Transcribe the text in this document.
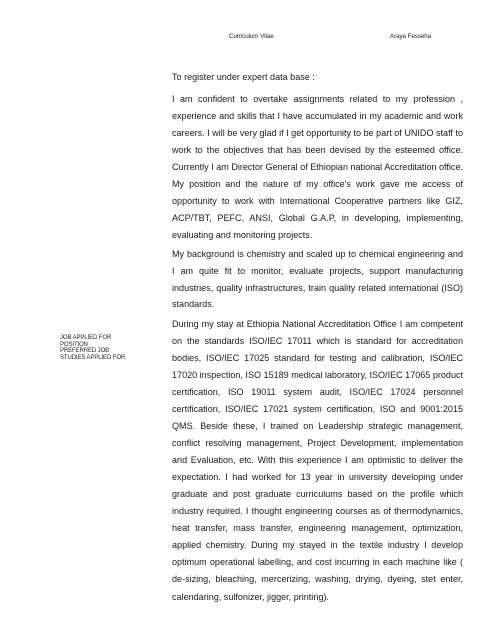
Curriculum Vitae	Araya Fesseha
JOB APPLIED FOR
POSITION
PREFERRED JOB
STUDIES APPLIED FOR

To register under expert data base :

I am confident to overtake assignments related to my profession , experience and skills that I have accumulated in my academic and work careers. I will be very glad if I get opportunity to be part of UNIDO staff to work to the objectives that has been devised by the esteemed office. Currently I am Director General of Ethiopian national Accreditation office. My position and the nature of my office's work gave me access of opportunity to work with International Cooperative partners like GIZ, ACP/TBT, PEFC, ANSI, Global G.A.P, in developing, implementing, evaluating and monitoring projects.

My background is chemistry and scaled up to chemical engineering and I am quite fit to monitor, evaluate projects, support manufacturing industries, quality infrastructures, train quality related international (ISO) standards.

During my stay at Ethiopia National Accreditation Office I am competent on the standards ISO/IEC 17011 which is standard for accreditation bodies, ISO/IEC 17025 standard for testing and calibration, ISO/IEC 17020 inspection, ISO 15189 medical laboratory, ISO/IEC 17065 product certification, ISO 19011 system audit, ISO/IEC 17024 personnel certification, ISO/IEC 17021 system certification, ISO and 9001:2015 QMS. Beside these, I trained on Leadership strategic management, conflict resolving management, Project Development, implementation and Evaluation, etc. With this experience I am optimistic to deliver the expectation. I had worked for 13 year in university developing under graduate and post graduate curriculums based on the profile which industry required. I thought engineering courses as of thermodynamics, heat transfer, mass transfer, engineering management, optimization, applied chemistry. During my stayed in the textile industry I develop optimum operational labelling, and cost incurring in each machine like ( de-sizing, bleaching, mercerizing, washing, drying, dyeing, stet enter, calendaring, sulfonizer, jigger, printing).
